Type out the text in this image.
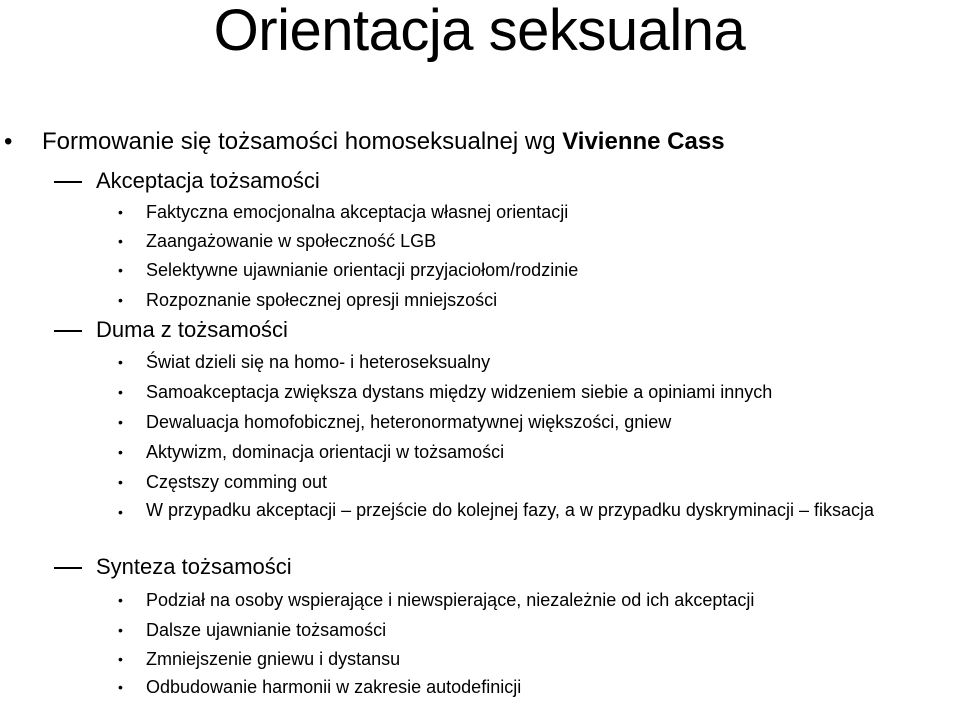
Orientacja seksualna
• Formowanie się tożsamości homoseksualnej wg Vivienne Cass
Akceptacja tożsamości
• Faktyczna emocjonalna akceptacja własnej orientacji
• Zaangażowanie w społeczność LGB
• Selektywne ujawnianie orientacji przyjaciołom/rodzinie
• Rozpoznanie społecznej opresji mniejszości
Duma z tożsamości
• Świat dzieli się na homo- i heteroseksualny
• Samoakceptacja zwiększa dystans między widzeniem siebie a opiniami innych
• Dewaluacja homofobicznej, heteronormatywnej większości, gniew
• Aktywizm, dominacja orientacji w tożsamości
• Częstszy comming out
• W przypadku akceptacji – przejście do kolejnej fazy, a w przypadku dyskryminacji – fiksacja
Synteza tożsamości
• Podział na osoby wspierające i niewspierające, niezależnie od ich akceptacji
• Dalsze ujawnianie tożsamości
• Zmniejszenie gniewu i dystansu
• Odbudowanie harmonii w zakresie autodefinicji
